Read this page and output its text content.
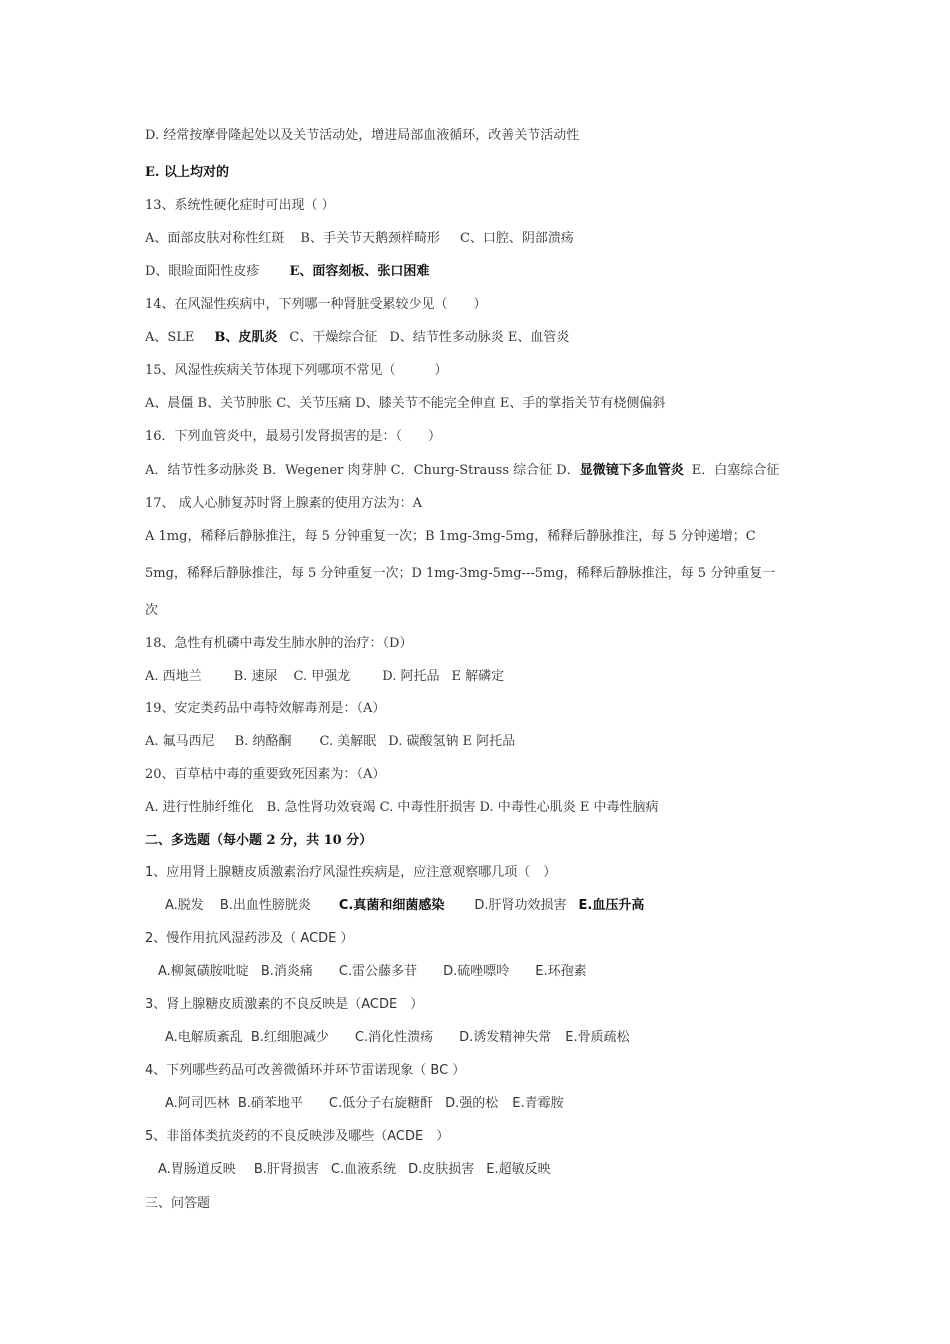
D. 经常按摩骨隆起处以及关节活动处，增进局部血液循环，改善关节活动性
E. 以上均对的
13、系统性硬化症时可出现（ ）
A、面部皮肤对称性红斑 B、手关节天鹅颈样畸形 C、口腔、阴部溃疡
D、眼睑面阳性皮疹 E、面容刻板、张口困难
14、在风湿性疾病中，下列哪一种肾脏受累较少见（　　）
A、SLE B、皮肌炎 C、干燥综合征 D、结节性多动脉炎 E、血管炎
15、风湿性疾病关节体现下列哪项不常见（　　　）
A、晨僵 B、关节肿胀 C、关节压痛 D、膝关节不能完全伸直 E、手的掌指关节有桡侧偏斜
16．下列血管炎中，最易引发肾损害的是：（　　）
A．结节性多动脉炎 B．Wegener 肉芽肿 C．Churg-Strauss 综合征 D．显微镜下多血管炎 E．白塞综合征
17、 成人心肺复苏时肾上腺素的使用方法为：A
A 1mg，稀释后静脉推注，每 5 分钟重复一次；B 1mg-3mg-5mg，稀释后静脉推注，每 5 分钟递增；C
5mg，稀释后静脉推注，每 5 分钟重复一次；D 1mg-3mg-5mg---5mg，稀释后静脉推注，每 5 分钟重复一
次
18、急性有机磷中毒发生肺水肿的治疗：（D）
A. 西地兰 B. 速尿 C. 甲强龙 D. 阿托品 E 解磷定
19、安定类药品中毒特效解毒剂是：（A）
A. 氟马西尼 B. 纳酪酮 C. 美解眠 D. 碳酸氢钠 E 阿托品
20、百草枯中毒的重要致死因素为：（A）
A. 进行性肺纤维化　B. 急性肾功效衰竭 C. 中毒性肝损害 D. 中毒性心肌炎 E 中毒性脑病
二、多选题（每小题 2 分，共 10 分）
1、应用肾上腺糖皮质激素治疗风湿性疾病是，应注意观察哪几项（　）
A.脱发 B.出血性膀胱炎 C.真菌和细菌感染 D.肝肾功效损害 E.血压升高
2、慢作用抗风湿药涉及（ ACDE ）
A.柳氮磺胺吡啶 B.消炎痛 C.雷公藤多苷 D.硫唑嘌呤 E.环孢素
3、肾上腺糖皮质激素的不良反映是（ACDE　）
A.电解质紊乱 B.红细胞减少 C.消化性溃疡 D.诱发精神失常 E.骨质疏松
4、下列哪些药品可改善微循环并环节雷诺现象（ BC ）
A.阿司匹林 B.硝苯地平 C.低分子右旋糖酐 D.强的松 E.青霉胺
5、非甾体类抗炎药的不良反映涉及哪些（ACDE　）
A.胃肠道反映 B.肝肾损害 C.血液系统 D.皮肤损害 E.超敏反映
三、问答题
